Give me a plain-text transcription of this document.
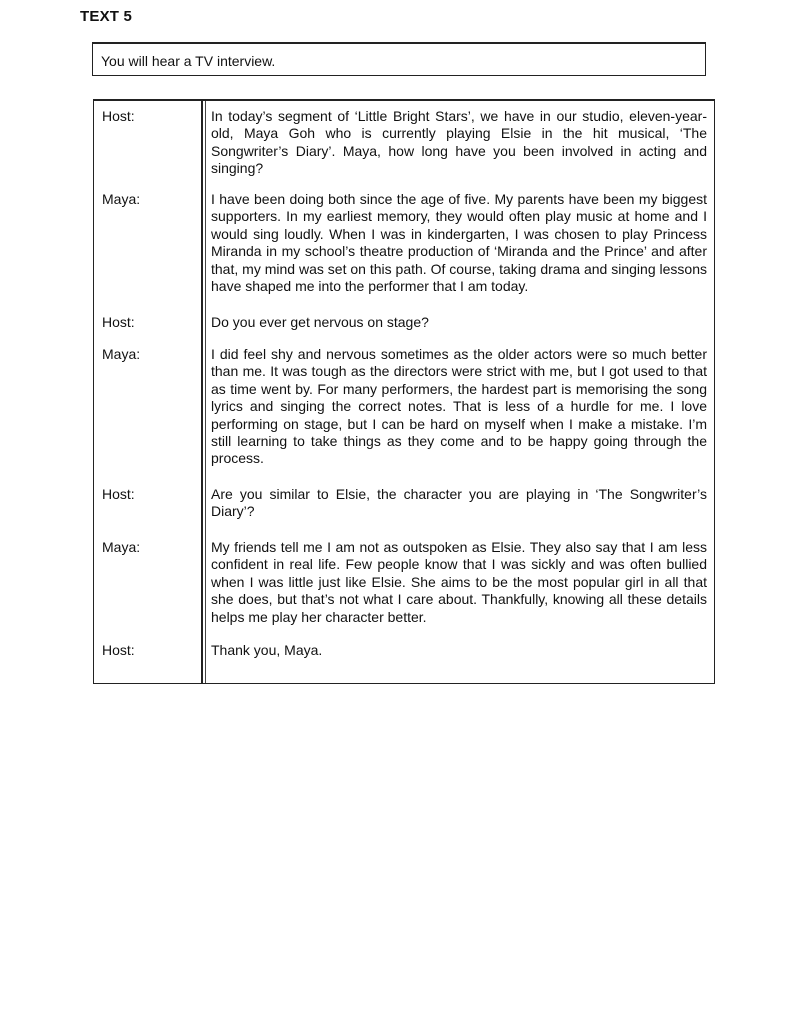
TEXT 5
You will hear a TV interview.
Host:	In today’s segment of ‘Little Bright Stars’, we have in our studio, eleven-year-old, Maya Goh who is currently playing Elsie in the hit musical, ‘The Songwriter’s Diary’. Maya, how long have you been involved in acting and singing?
Maya:	I have been doing both since the age of five. My parents have been my biggest supporters. In my earliest memory, they would often play music at home and I would sing loudly. When I was in kindergarten, I was chosen to play Princess Miranda in my school’s theatre production of ‘Miranda and the Prince’ and after that, my mind was set on this path. Of course, taking drama and singing lessons have shaped me into the performer that I am today.
Host:	Do you ever get nervous on stage?
Maya:	I did feel shy and nervous sometimes as the older actors were so much better than me. It was tough as the directors were strict with me, but I got used to that as time went by. For many performers, the hardest part is memorising the song lyrics and singing the correct notes. That is less of a hurdle for me. I love performing on stage, but I can be hard on myself when I make a mistake. I’m still learning to take things as they come and to be happy going through the process.
Host:	Are you similar to Elsie, the character you are playing in ‘The Songwriter’s Diary’?
Maya:	My friends tell me I am not as outspoken as Elsie. They also say that I am less confident in real life. Few people know that I was sickly and was often bullied when I was little just like Elsie. She aims to be the most popular girl in all that she does, but that’s not what I care about. Thankfully, knowing all these details helps me play her character better.
Host:	Thank you, Maya.
